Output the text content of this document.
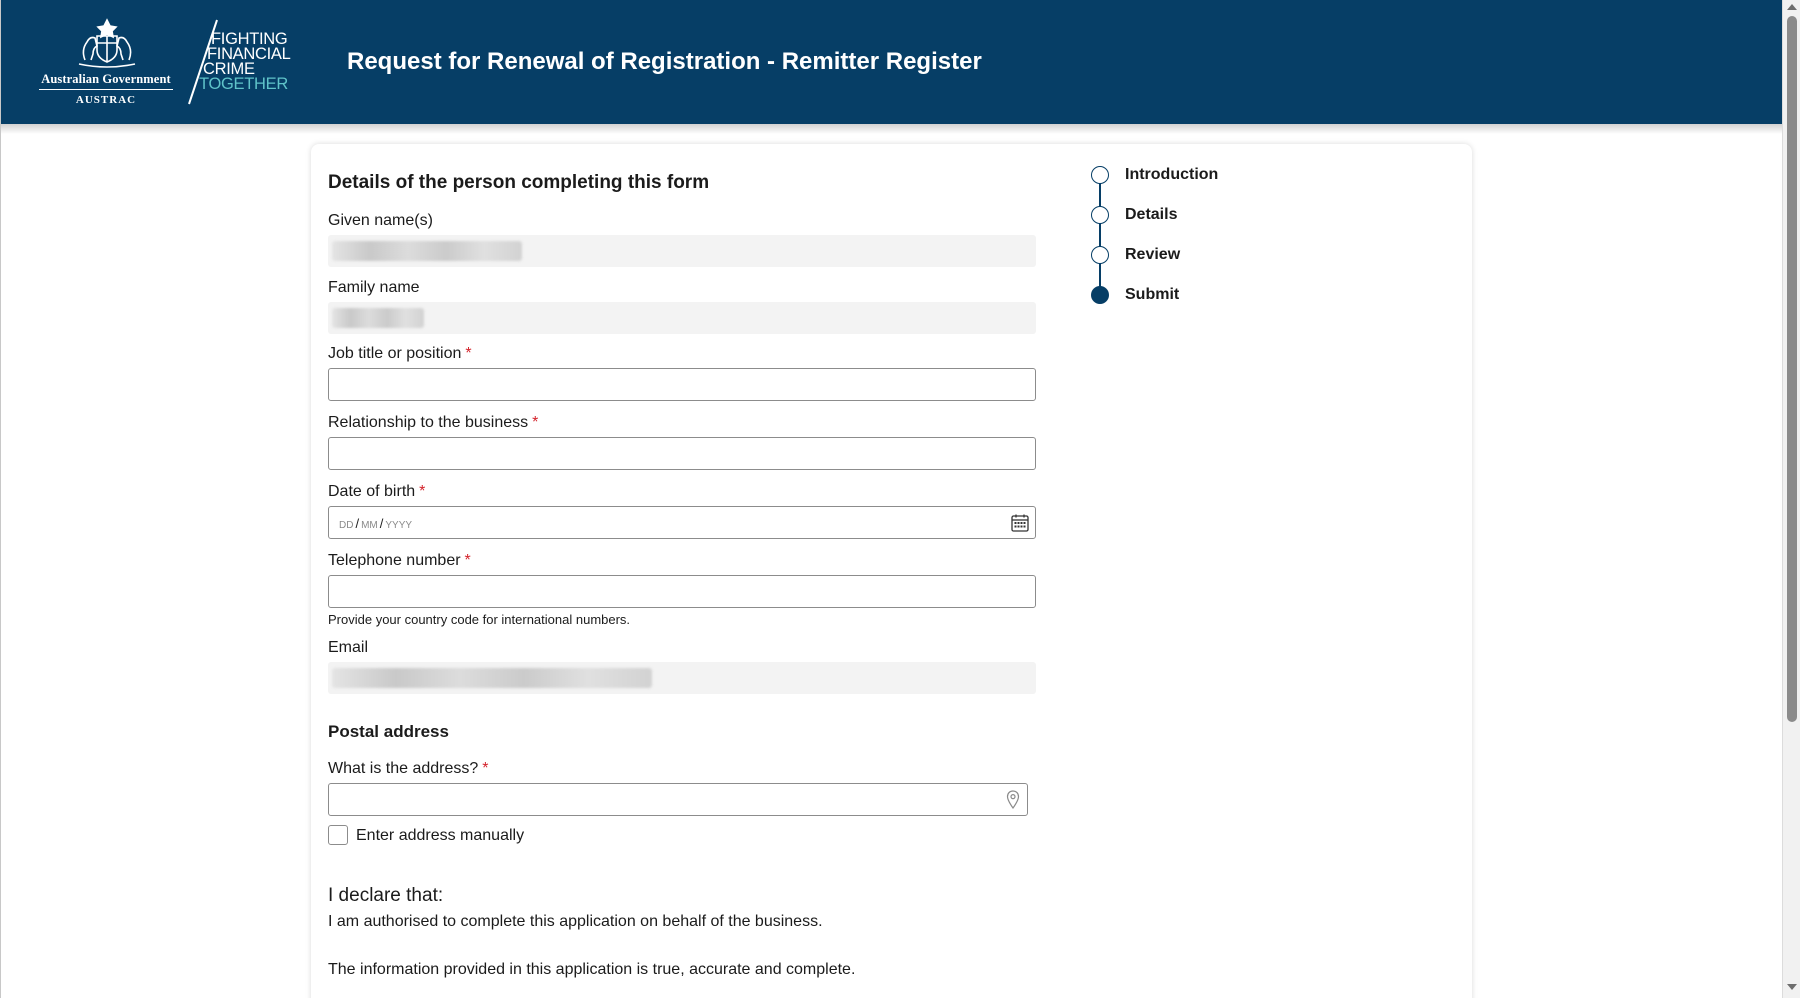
Australian Government
AUSTRAC
FIGHTING
FINANCIAL
CRIME
TOGETHER
Request for Renewal of Registration - Remitter Register
Details of the person completing this form
Given name(s)
Family name
Job title or position *
Relationship to the business *
Date of birth *
DD / MM / YYYY
Telephone number *
Provide your country code for international numbers.
Email
Postal address
What is the address? *
Enter address manually
I declare that:
I am authorised to complete this application on behalf of the business.
The information provided in this application is true, accurate and complete.
Introduction
Details
Review
Submit
